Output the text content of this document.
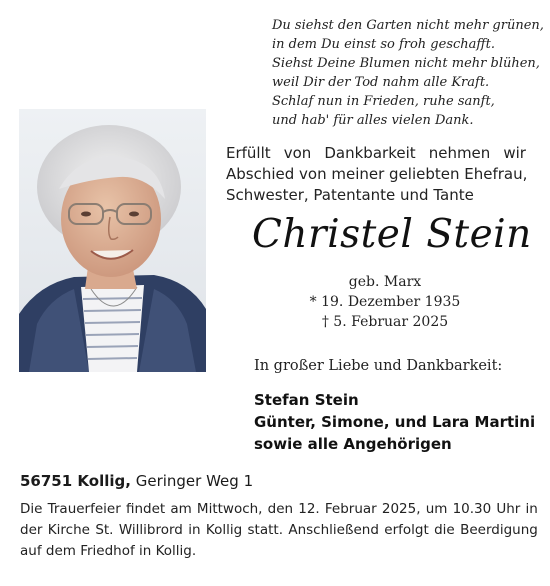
Du siehst den Garten nicht mehr grünen,
in dem Du einst so froh geschafft.
Siehst Deine Blumen nicht mehr blühen,
weil Dir der Tod nahm alle Kraft.
Schlaf nun in Frieden, ruhe sanft,
und hab' für alles vielen Dank.
Erfüllt von Dankbarkeit nehmen wir
Abschied von meiner geliebten Ehefrau,
Schwester, Patentante und Tante
Christel Stein
geb. Marx
* 19. Dezember 1935
† 5. Februar 2025
In großer Liebe und Dankbarkeit:
Stefan Stein
Günter, Simone, und Lara Martini
sowie alle Angehörigen
56751 Kollig, Geringer Weg 1
Die Trauerfeier findet am Mittwoch, den 12. Februar 2025, um 10.30 Uhr in
der Kirche St. Willibrord in Kollig statt. Anschließend erfolgt die Beerdigung
auf dem Friedhof in Kollig.
